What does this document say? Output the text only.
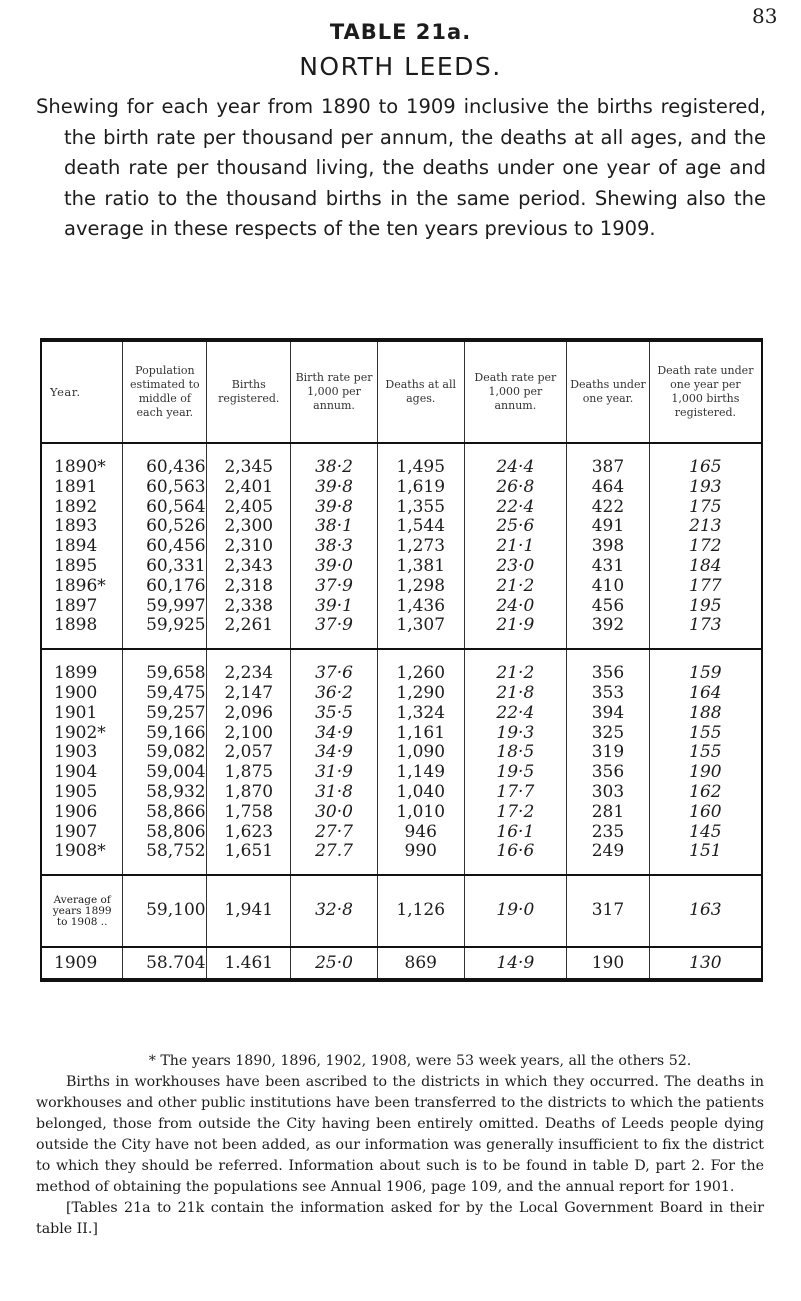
83
TABLE 21a.
NORTH LEEDS.
Shewing for each year from 1890 to 1909 inclusive the births registered, the birth rate per thousand per annum, the deaths at all ages, and the death rate per thousand living, the deaths under one year of age and the ratio to the thousand births in the same period. Shewing also the average in these respects of the ten years previous to 1909.
Year.	Population estimated to middle of each year.	Births registered.	Birth rate per 1,000 per annum.	Deaths at all ages.	Death rate per 1,000 per annum.	Deaths under one year.	Death rate under one year per 1,000 births registered.
1890*	60,436	2,345	38·2	1,495	24·4	387	165
1891	60,563	2,401	39·8	1,619	26·8	464	193
1892	60,564	2,405	39·8	1,355	22·4	422	175
1893	60,526	2,300	38·1	1,544	25·6	491	213
1894	60,456	2,310	38·3	1,273	21·1	398	172
1895	60,331	2,343	39·0	1,381	23·0	431	184
1896*	60,176	2,318	37·9	1,298	21·2	410	177
1897	59,997	2,338	39·1	1,436	24·0	456	195
1898	59,925	2,261	37·9	1,307	21·9	392	173
1899	59,658	2,234	37·6	1,260	21·2	356	159
1900	59,475	2,147	36·2	1,290	21·8	353	164
1901	59,257	2,096	35·5	1,324	22·4	394	188
1902*	59,166	2,100	34·9	1,161	19·3	325	155
1903	59,082	2,057	34·9	1,090	18·5	319	155
1904	59,004	1,875	31·9	1,149	19·5	356	190
1905	58,932	1,870	31·8	1,040	17·7	303	162
1906	58,866	1,758	30·0	1,010	17·2	281	160
1907	58,806	1,623	27·7	946	16·1	235	145
1908*	58,752	1,651	27.7	990	16·6	249	151
Average of years 1899 to 1908 ..	59,100	1,941	32·8	1,126	19·0	317	163
1909	58.704	1.461	25·0	869	14·9	190	130

* The years 1890, 1896, 1902, 1908, were 53 week years, all the others 52.

Births in workhouses have been ascribed to the districts in which they occurred. The deaths in workhouses and other public institutions have been transferred to the districts to which the patients belonged, those from outside the City having been entirely omitted. Deaths of Leeds people dying outside the City have not been added, as our information was generally insufficient to fix the district to which they should be referred. Information about such is to be found in table D, part 2. For the method of obtaining the populations see Annual 1906, page 109, and the annual report for 1901.

[Tables 21a to 21k contain the information asked for by the Local Government Board in their table II.]
